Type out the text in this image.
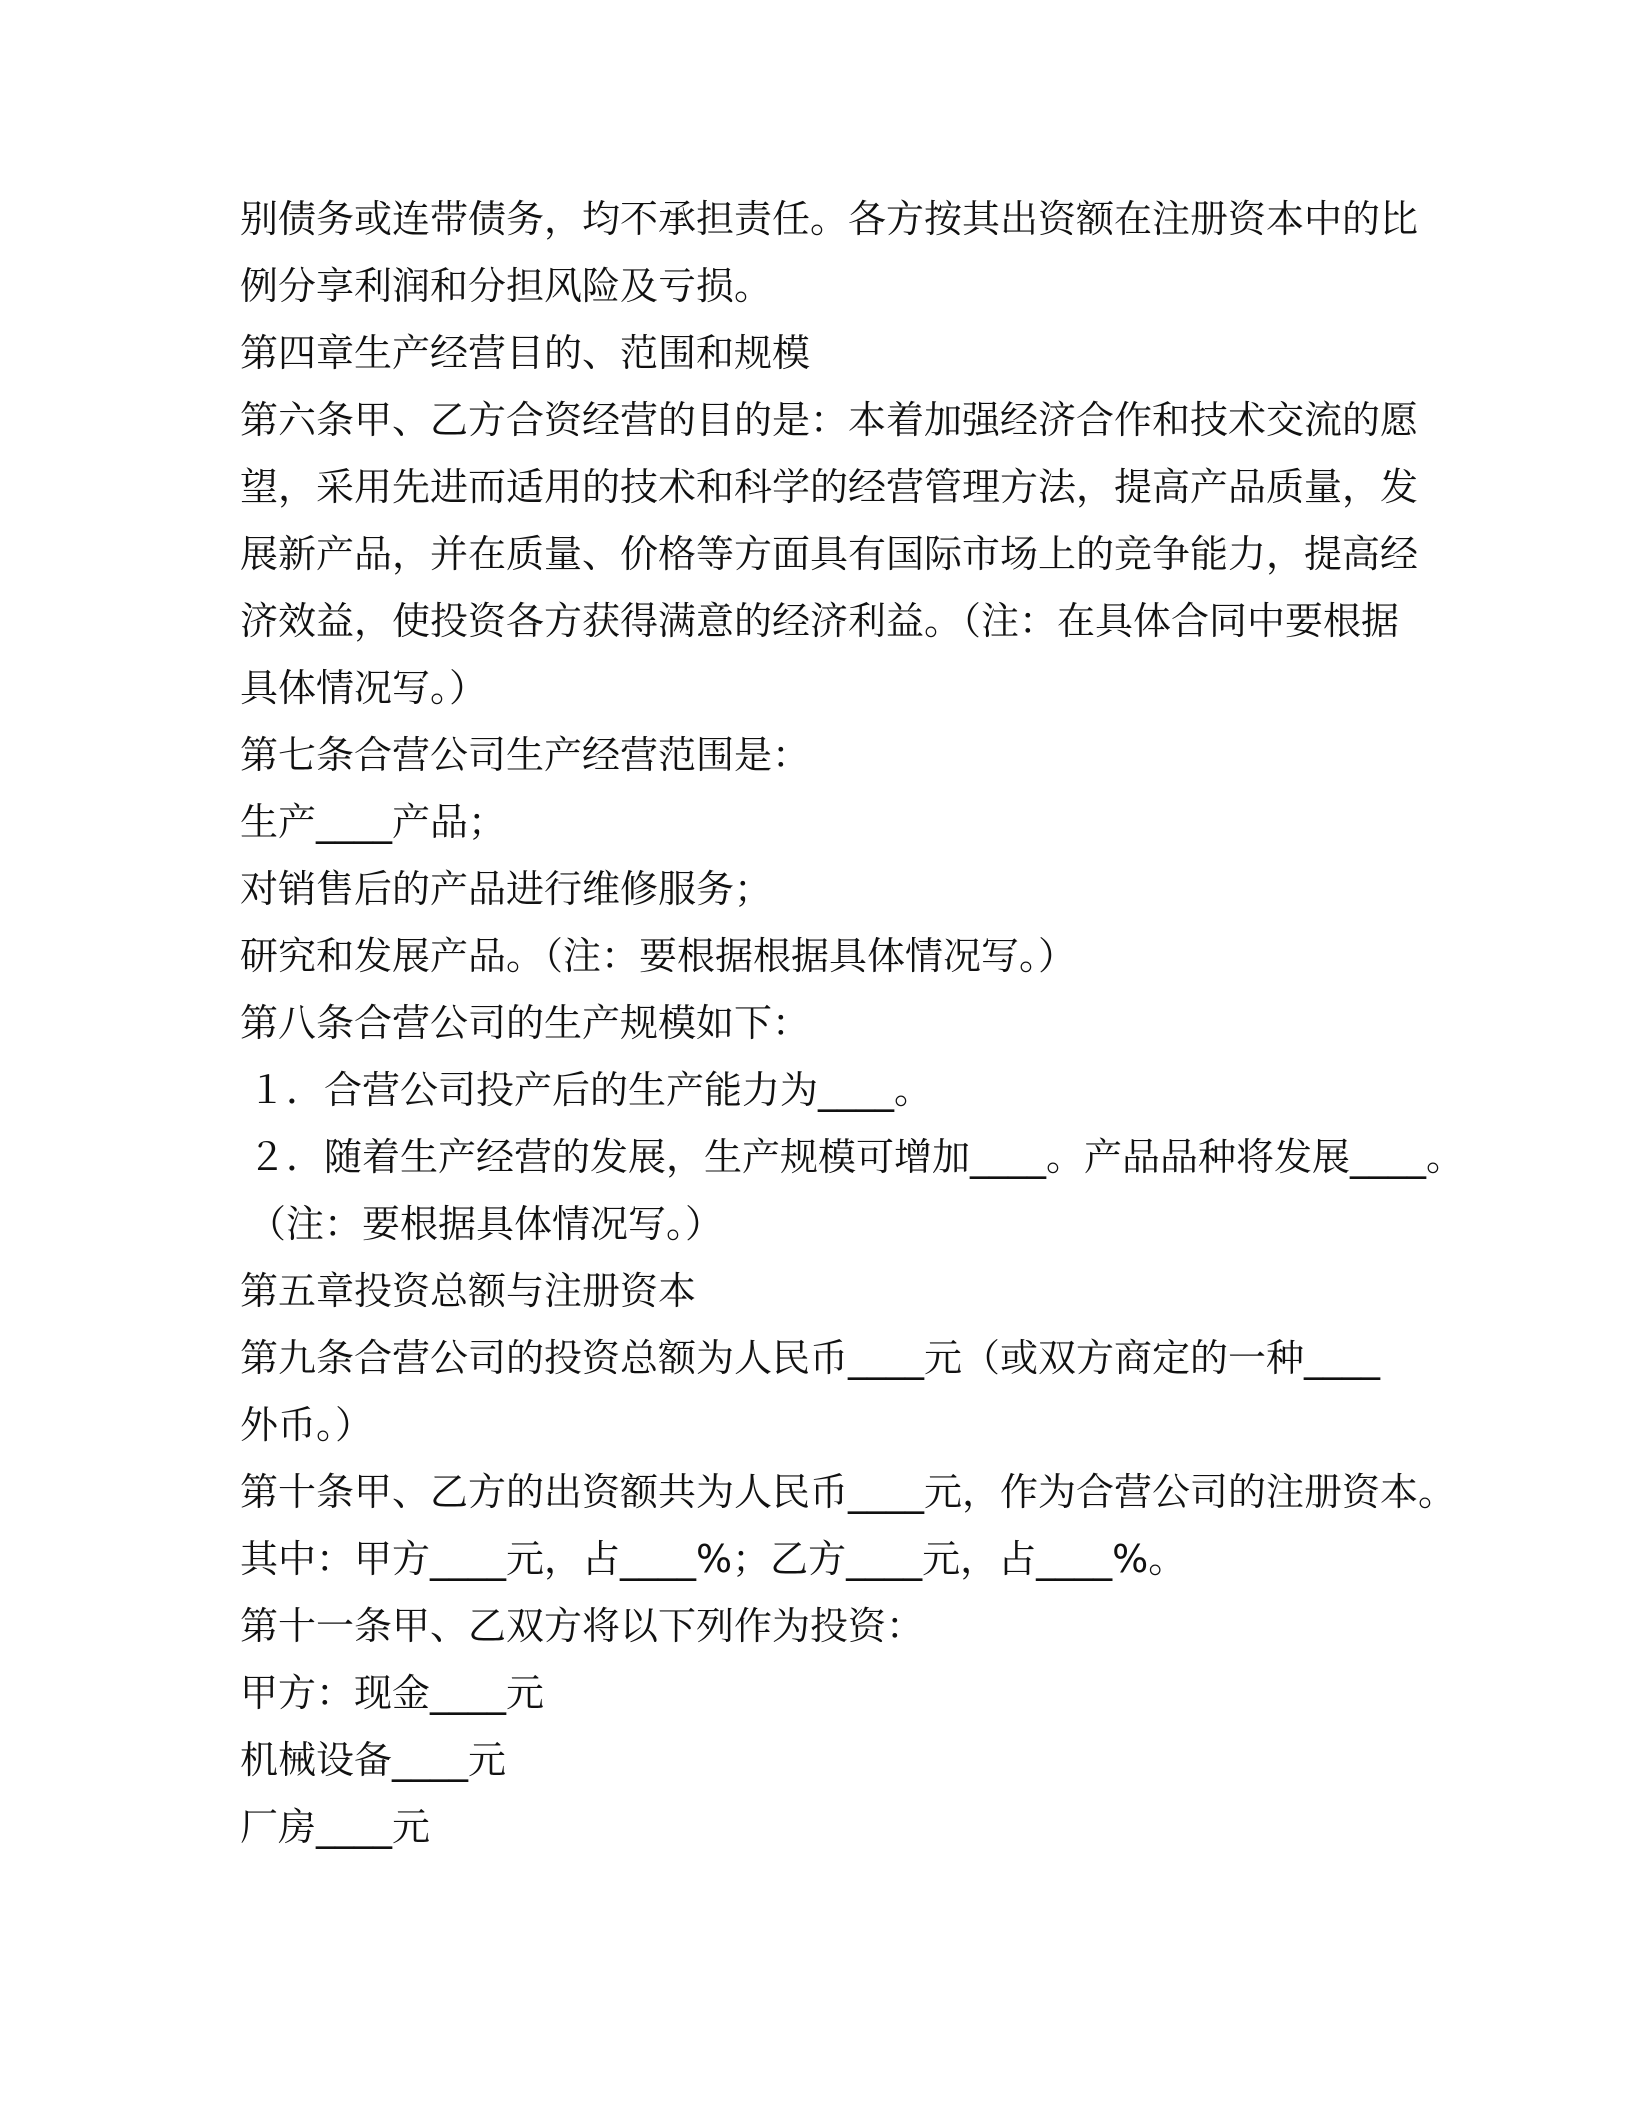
别债务或连带债务，均不承担责任。各方按其出资额在注册资本中的比
例分享利润和分担风险及亏损。
第四章生产经营目的、范围和规模
第六条甲、乙方合资经营的目的是：本着加强经济合作和技术交流的愿
望，采用先进而适用的技术和科学的经营管理方法，提高产品质量，发
展新产品，并在质量、价格等方面具有国际市场上的竞争能力，提高经
济效益，使投资各方获得满意的经济利益。（注：在具体合同中要根据
具体情况写。）
第七条合营公司生产经营范围是：
生产____产品；
对销售后的产品进行维修服务；
研究和发展产品。（注：要根据根据具体情况写。）
第八条合营公司的生产规模如下：
１．合营公司投产后的生产能力为____。
２．随着生产经营的发展，生产规模可增加____。产品品种将发展____。
（注：要根据具体情况写。）
第五章投资总额与注册资本
第九条合营公司的投资总额为人民币____元（或双方商定的一种____
外币。）
第十条甲、乙方的出资额共为人民币____元，作为合营公司的注册资本。
其中：甲方____元，占____%；乙方____元，占____%。
第十一条甲、乙双方将以下列作为投资：
甲方：现金____元
机械设备____元
厂房____元
